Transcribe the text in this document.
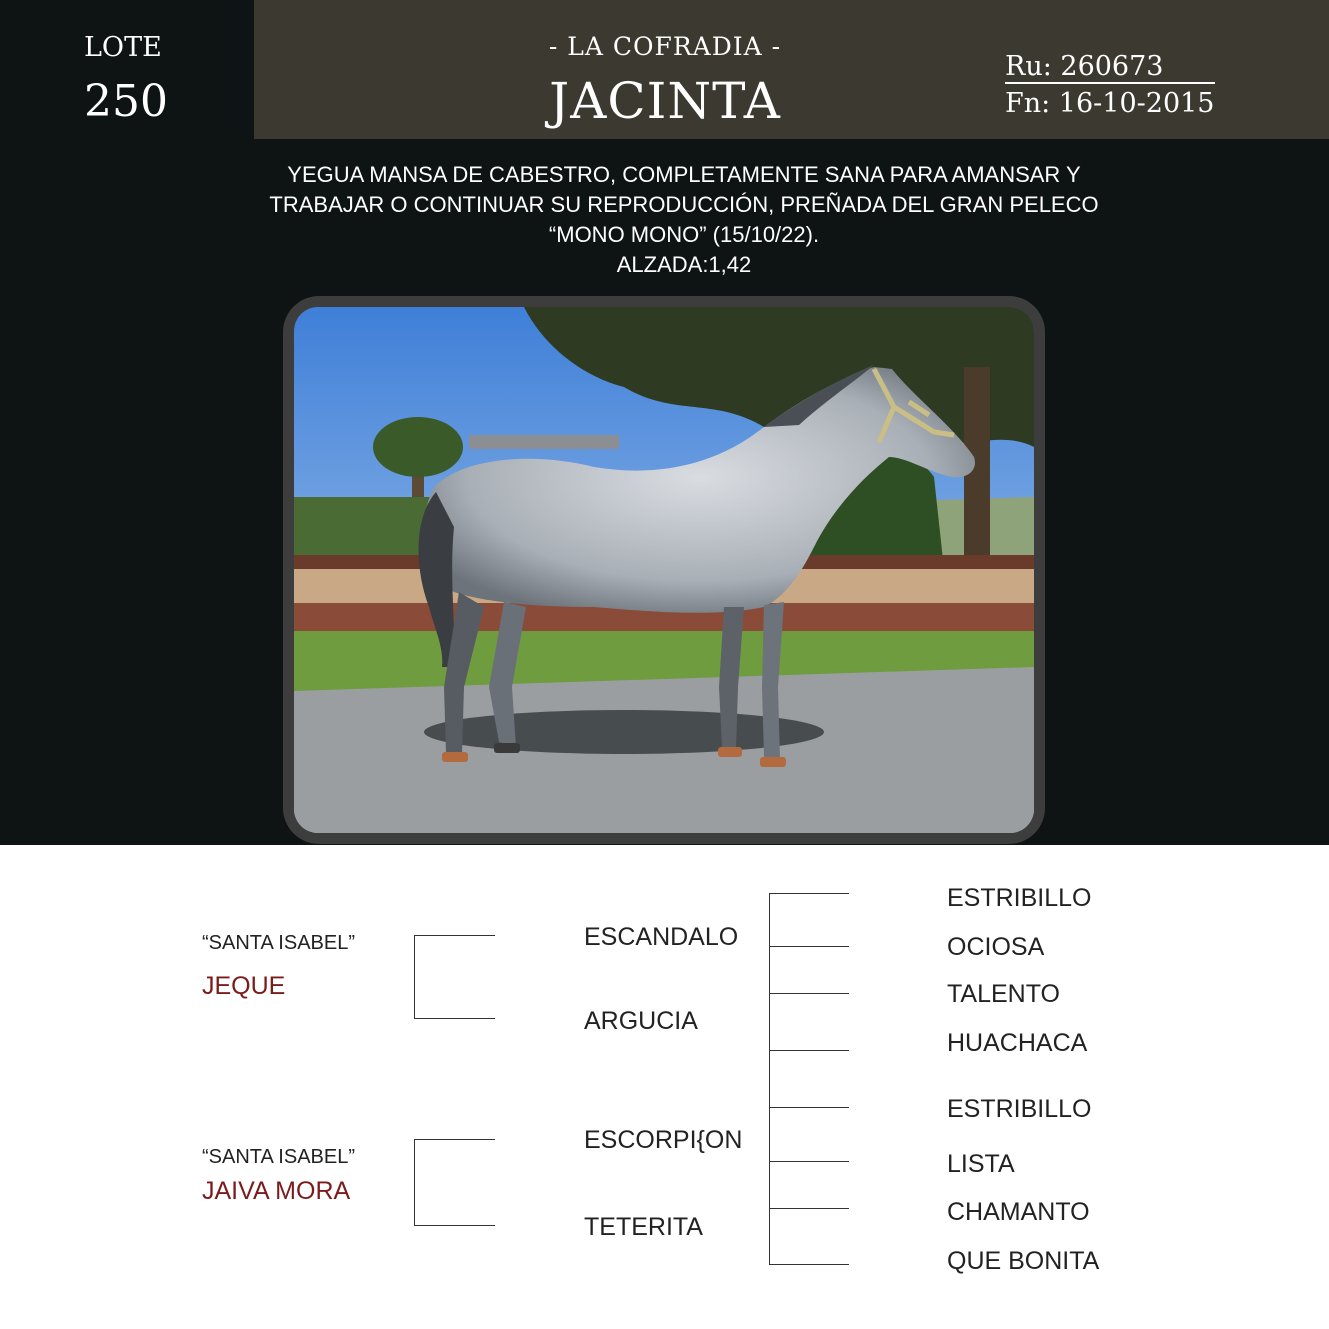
LOTE
250
- LA COFRADIA -
JACINTA
Ru: 260673
Fn: 16-10-2015
YEGUA MANSA DE CABESTRO, COMPLETAMENTE SANA PARA AMANSAR Y
TRABAJAR O CONTINUAR SU REPRODUCCIÓN, PREÑADA DEL GRAN PELECO
“MONO MONO” (15/10/22).
ALZADA:1,42
“SANTA ISABEL”
JEQUE
“SANTA ISABEL”
JAIVA MORA
ESCANDALO
ARGUCIA
ESCORPI{ON
TETERITA
ESTRIBILLO
OCIOSA
TALENTO
HUACHACA
ESTRIBILLO
LISTA
CHAMANTO
QUE BONITA
